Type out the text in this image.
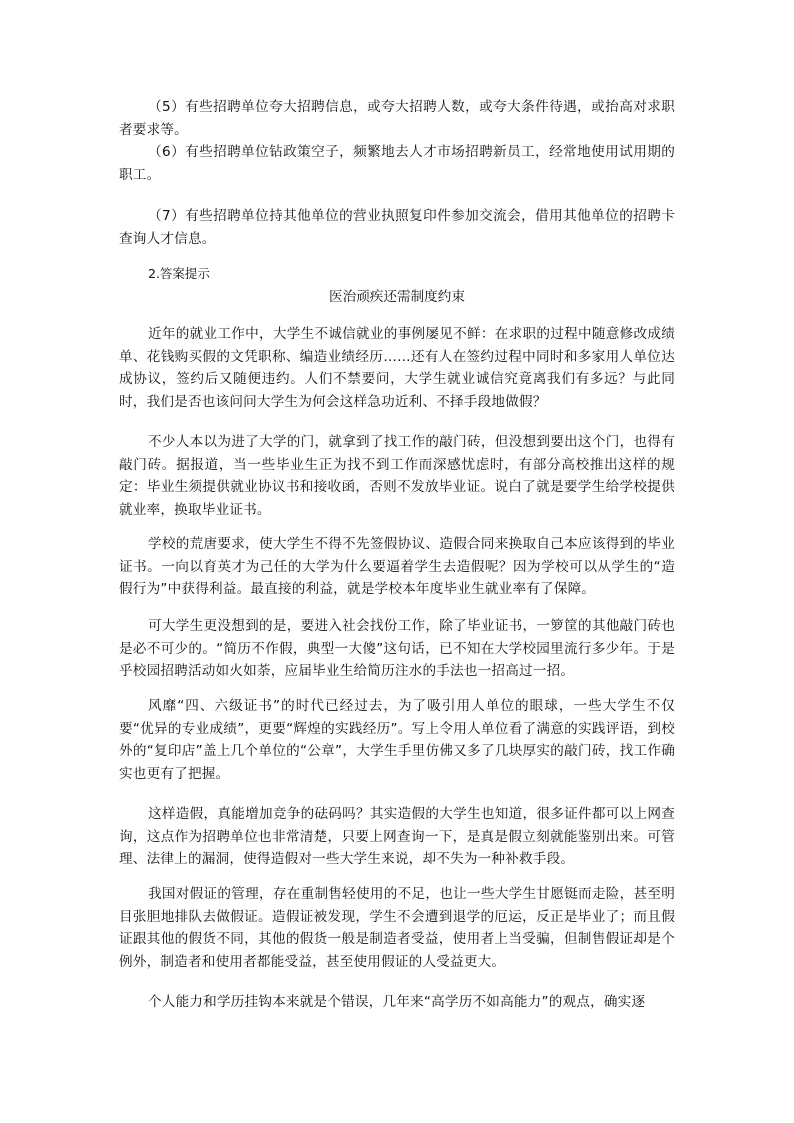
（5）有些招聘单位夸大招聘信息，或夸大招聘人数，或夸大条件待遇，或抬高对求职者要求等。

（6）有些招聘单位钻政策空子，频繁地去人才市场招聘新员工，经常地使用试用期的职工。

（7）有些招聘单位持其他单位的营业执照复印件参加交流会，借用其他单位的招聘卡查询人才信息。

2.答案提示

医治顽疾还需制度约束

近年的就业工作中，大学生不诚信就业的事例屡见不鲜：在求职的过程中随意修改成绩单、花钱购买假的文凭职称、编造业绩经历……还有人在签约过程中同时和多家用人单位达成协议，签约后又随便违约。人们不禁要问，大学生就业诚信究竟离我们有多远？与此同时，我们是否也该问问大学生为何会这样急功近利、不择手段地做假？

不少人本以为进了大学的门，就拿到了找工作的敲门砖，但没想到要出这个门，也得有敲门砖。据报道，当一些毕业生正为找不到工作而深感忧虑时，有部分高校推出这样的规定：毕业生须提供就业协议书和接收函，否则不发放毕业证。说白了就是要学生给学校提供就业率，换取毕业证书。

学校的荒唐要求，使大学生不得不先签假协议、造假合同来换取自己本应该得到的毕业证书。一向以育英才为己任的大学为什么要逼着学生去造假呢？因为学校可以从学生的“造假行为”中获得利益。最直接的利益，就是学校本年度毕业生就业率有了保障。

可大学生更没想到的是，要进入社会找份工作，除了毕业证书，一箩筐的其他敲门砖也是必不可少的。“简历不作假，典型一大傻”这句话，已不知在大学校园里流行多少年。于是乎校园招聘活动如火如荼，应届毕业生给简历注水的手法也一招高过一招。

风靡“四、六级证书”的时代已经过去，为了吸引用人单位的眼球，一些大学生不仅要“优异的专业成绩”，更要“辉煌的实践经历”。写上令用人单位看了满意的实践评语，到校外的“复印店”盖上几个单位的“公章”，大学生手里仿佛又多了几块厚实的敲门砖，找工作确实也更有了把握。

这样造假，真能增加竞争的砝码吗？其实造假的大学生也知道，很多证件都可以上网查询，这点作为招聘单位也非常清楚，只要上网查询一下，是真是假立刻就能鉴别出来。可管理、法律上的漏洞，使得造假对一些大学生来说，却不失为一种补救手段。

我国对假证的管理，存在重制售轻使用的不足，也让一些大学生甘愿铤而走险，甚至明目张胆地排队去做假证。造假证被发现，学生不会遭到退学的厄运，反正是毕业了；而且假证跟其他的假货不同，其他的假货一般是制造者受益，使用者上当受骗，但制售假证却是个例外，制造者和使用者都能受益，甚至使用假证的人受益更大。

个人能力和学历挂钩本来就是个错误，几年来“高学历不如高能力”的观点，确实逐
